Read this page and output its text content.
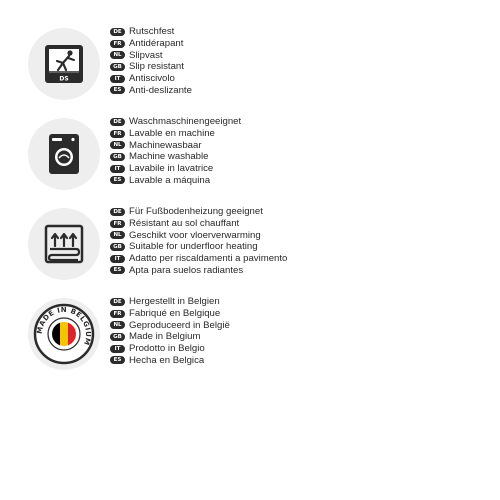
DS
DE Rutschfest
FR Antidérapant
NL Slipvast
GB Slip resistant
IT Antiscivolo
ES Anti-deslizante
DE Waschmaschinengeeignet
FR Lavable en machine
NL Machinewasbaar
GB Machine washable
IT Lavabile in lavatrice
ES Lavable a máquina
DE Für Fußbodenheizung geeignet
FR Résistant au sol chauffant
NL Geschikt voor vloerverwarming
GB Suitable for underfloor heating
IT Adatto per riscaldamenti a pavimento
ES Apta para suelos radiantes
MADE IN BELGIUM
DE Hergestellt in Belgien
FR Fabriqué en Belgique
NL Geproduceerd in België
GB Made in Belgium
IT Prodotto in Belgio
ES Hecha en Belgica
